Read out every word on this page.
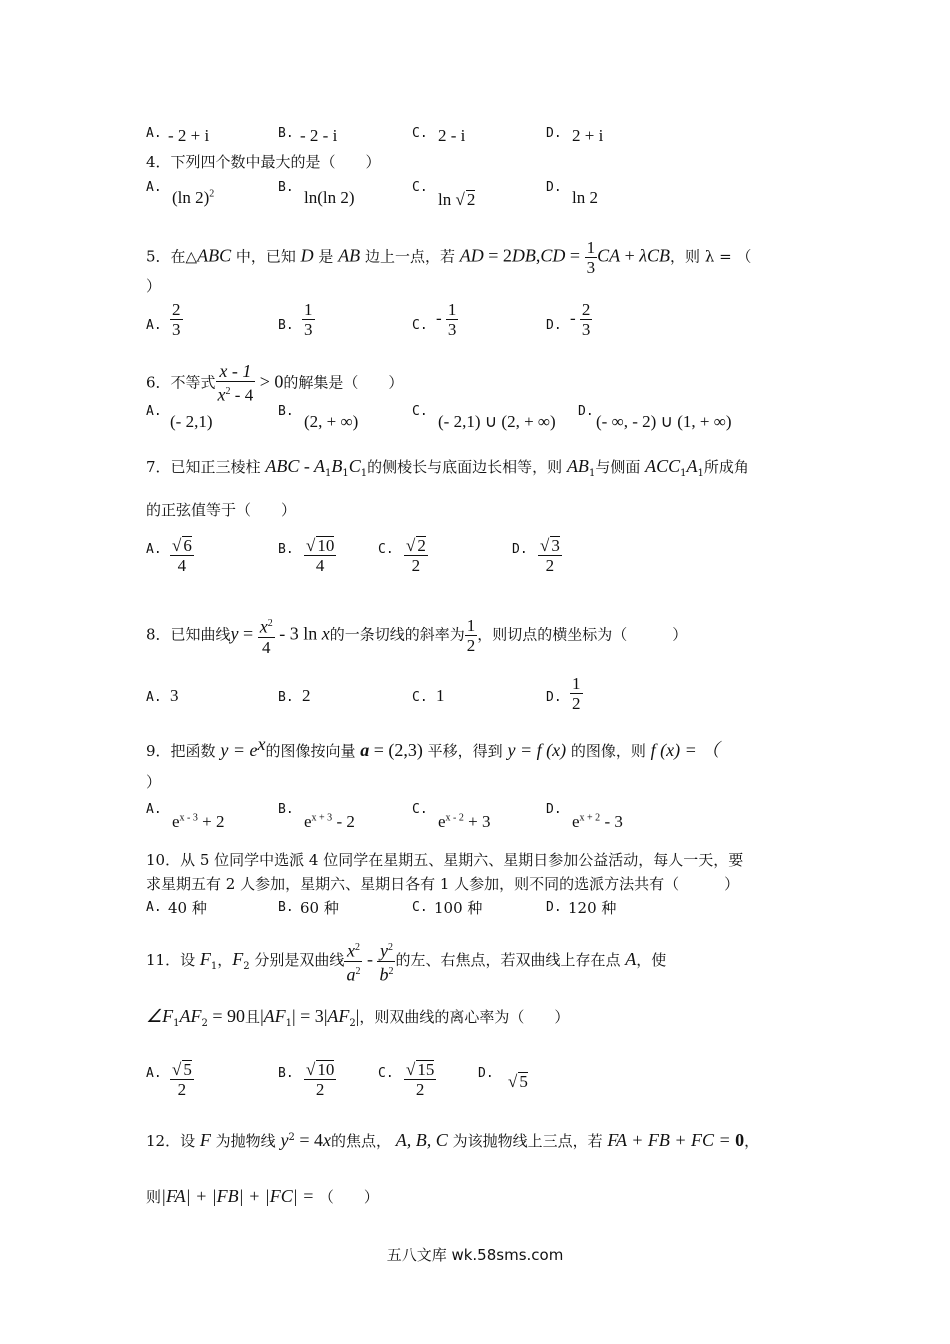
A. - 2 + i	B. - 2 - i	C. 2 - i	D. 2 + i
4．下列四个数中最大的是（　　）
A.
(ln 2)$^2$	B.
ln(ln 2)
C.
ln √ 2
D.
ln 2
5．在△ABC 中，已知 D 是 AB 边上一点，若 AD = $2DB,CD = \frac{1}{3}$ CA + λCB，则 λ = （
）
A. $\frac{2}{3}$	B. $\frac{1}{3}$	C. - $\frac{1}{3}$	D. - $\frac{2}{3}$
6．不等式 $\frac{x - 1}{x^2 - 4} > 0$的解集是（　　）
A.
(- 2,1)
B.
(2, + ∞)
C.
(- 2,1) ∪ (2, + ∞)
D.
(- ∞, - 2) ∪ (1, + ∞)
7．已知正三棱柱 ABC - $A_1B_1C_1$的侧棱长与底面边长相等，则 $AB_1$与侧面 $ACC_1A_1$所成角
的正弦值等于（　　）
A. $\frac{√ 6}{4}$	B. $\frac{√ 10}{4}$	C. $\frac{√ 2}{2}$	D. $\frac{√ 3}{2}$
8．已知曲线$y = \frac{x^2}{4} - 3$ ln x的一条切线的斜率为 $\frac{1}{2}$ ，则切点的横坐标为（　　　）
A. 3	B. 2	C. 1	D. $\frac{1}{2}$
9．把函数 $y = e^x$的图像按向量 a = (2,3) 平移，得到 y = f (x) 的图像，则 f (x) = （
）
A.
$e^{x - 3} + 2$
B.
$e^{x + 3} - 2$
C.
$e^{x - 2} + 3$
D.
$e^{x + 2} - 3$
10．从 5 位同学中选派 4 位同学在星期五、星期六、星期日参加公益活动，每人一天，要
求星期五有 2 人参加，星期六、星期日各有 1 人参加，则不同的选派方法共有（　　　）
A. 40 种	B. 60 种	C. 100 种	D. 120 种
11．设 $F_1$，$F_2$ 分别是双曲线 $\frac{x^2}{a^2} - \frac{y^2}{b^2}$ 的左、右焦点，若双曲线上存在点 A，使
$\angle F_1AF_2 = 90$且$|AF_1| = 3|AF_2|$，则双曲线的离心率为（　　）
A. $\frac{√ 5}{2}$	B. $\frac{√ 10}{2}$	C. $\frac{√ 15}{2}$	D. √ 5
12．设 F 为抛物线 $y^2 = 4x$的焦点， A, B, C 为该抛物线上三点，若 FA + FB + FC = 0，
则|FA| + |FB| + |FC| = （　　）
五八文库 wk.58sms.com
